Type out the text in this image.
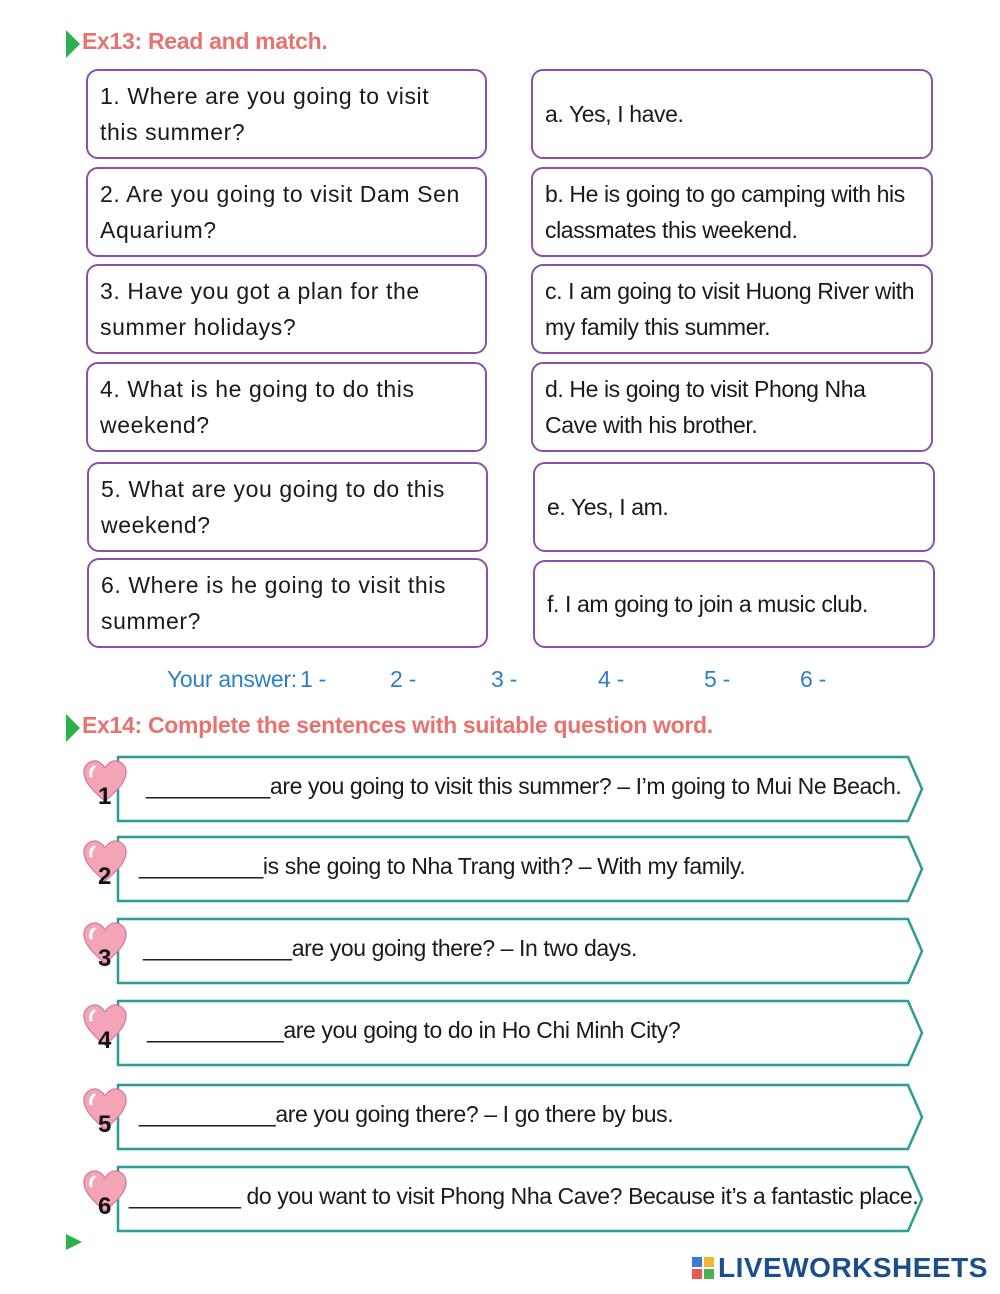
Ex13: Read and match.
1. Where are you going to visit this summer?
2. Are you going to visit Dam Sen Aquarium?
3. Have you got a plan for the summer holidays?
4. What is he going to do this weekend?
5. What are you going to do this weekend?
6. Where is he going to visit this summer?
a. Yes, I have.
b. He is going to go camping with his classmates this weekend.
c. I am going to visit Huong River with my family this summer.
d. He is going to visit Phong Nha Cave with his brother.
e. Yes, I am.
f. I am going to join a music club.
Your answer: 1 -	2 -	3 -	4 -	5 -	6 -
Ex14: Complete the sentences with suitable question word.
1 __________are you going to visit this summer? – I’m going to Mui Ne Beach.
2 __________is she going to Nha Trang with? – With my family.
3 ____________are you going there? – In two days.
4 ___________are you going to do in Ho Chi Minh City?
5 ___________are you going there? – I go there by bus.
6 _________ do you want to visit Phong Nha Cave? Because it’s a fantastic place.
LIVEWORKSHEETS
